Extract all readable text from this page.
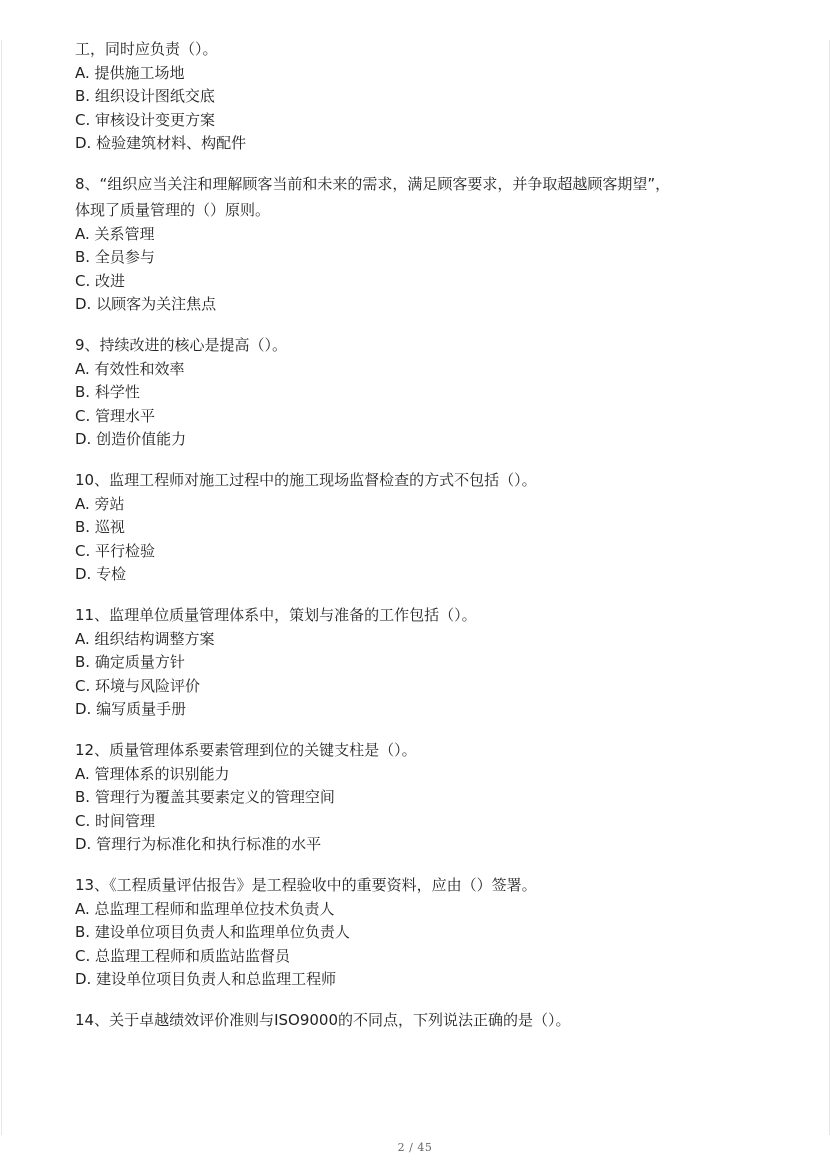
工，同时应负责（）。
A. 提供施工场地
B. 组织设计图纸交底
C. 审核设计变更方案
D. 检验建筑材料、构配件
8、“组织应当关注和理解顾客当前和未来的需求，满足顾客要求，并争取超越顾客期望”，
体现了质量管理的（）原则。
A. 关系管理
B. 全员参与
C. 改进
D. 以顾客为关注焦点
9、持续改进的核心是提高（）。
A. 有效性和效率
B. 科学性
C. 管理水平
D. 创造价值能力
10、监理工程师对施工过程中的施工现场监督检查的方式不包括（）。
A. 旁站
B. 巡视
C. 平行检验
D. 专检
11、监理单位质量管理体系中，策划与准备的工作包括（）。
A. 组织结构调整方案
B. 确定质量方针
C. 环境与风险评价
D. 编写质量手册
12、质量管理体系要素管理到位的关键支柱是（）。
A. 管理体系的识别能力
B. 管理行为覆盖其要素定义的管理空间
C. 时间管理
D. 管理行为标准化和执行标准的水平
13、《工程质量评估报告》是工程验收中的重要资料，应由（）签署。
A. 总监理工程师和监理单位技术负责人
B. 建设单位项目负责人和监理单位负责人
C. 总监理工程师和质监站监督员
D. 建设单位项目负责人和总监理工程师
14、关于卓越绩效评价准则与ISO9000的不同点，下列说法正确的是（）。
2 / 45
